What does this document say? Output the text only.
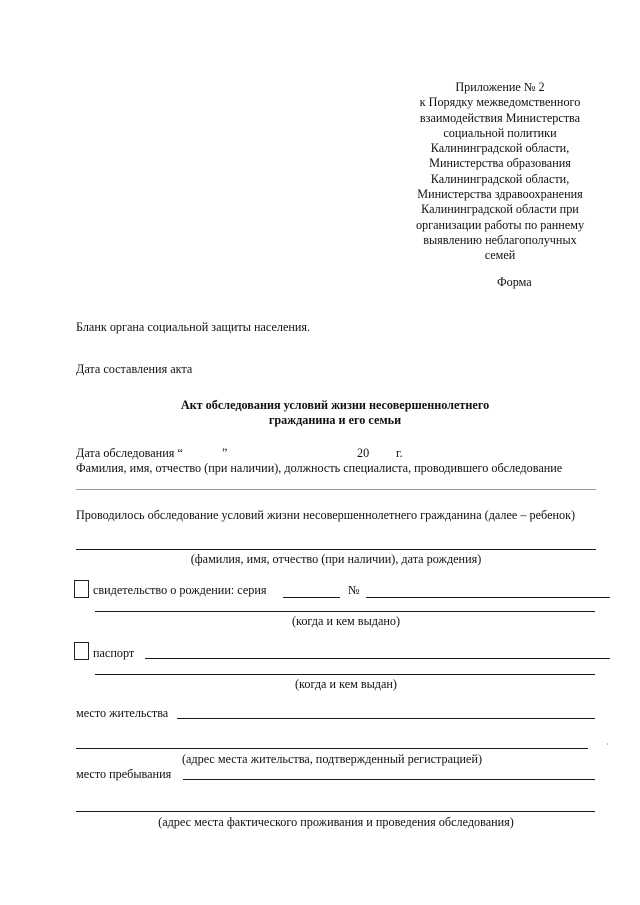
Приложение № 2
к Порядку межведомственного
взаимодействия Министерства
социальной политики
Калининградской области,
Министерства образования
Калининградской области,
Министерства здравоохранения
Калининградской области при
организации работы по раннему
выявлению неблагополучных
семей
Форма
Бланк органа социальной защиты населения.
Дата составления акта
Акт обследования условий жизни несовершеннолетнего
гражданина и его семьи
Дата обследования “	”	20 г.
Фамилия, имя, отчество (при наличии), должность специалиста, проводившего обследование
Проводилось обследование условий жизни несовершеннолетнего гражданина (далее – ребенок)
(фамилия, имя, отчество (при наличии), дата рождения)
свидетельство о рождении: серия	№
(когда и кем выдано)
паспорт
(когда и кем выдан)
место жительства
·
(адрес места жительства, подтвержденный регистрацией)
место пребывания
(адрес места фактического проживания и проведения обследования)
